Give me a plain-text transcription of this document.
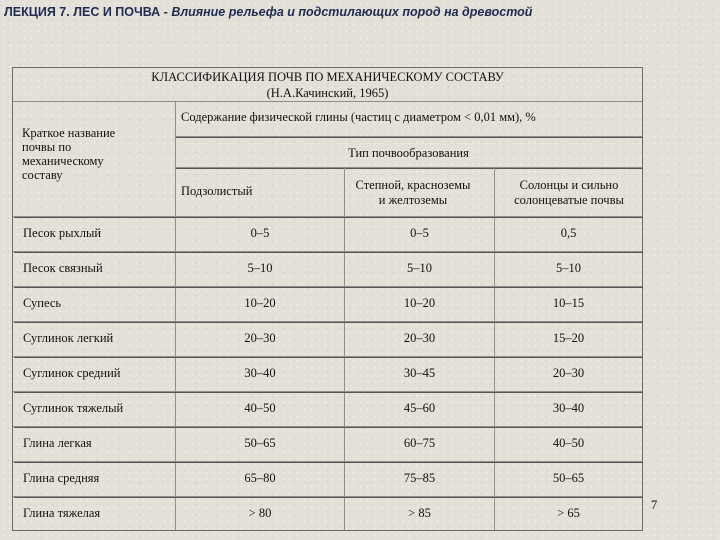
ЛЕКЦИЯ 7. ЛЕС И ПОЧВА - Влияние рельефа и подстилающих пород на древостой
КЛАССИФИКАЦИЯ ПОЧВ ПО МЕХАНИЧЕСКОМУ СОСТАВУ
(Н.А.Качинский, 1965)
Краткое название
почвы по
механическому
составу
Содержание физической глины (частиц с диаметром < 0,01 мм), %
Тип почвообразования
Подзолистый	Степной, красноземы
и желтоземы
Солонцы и сильно
солонцеватые почвы
Песок рыхлый	0–5	0–5	0,5
Песок связный	5–10	5–10	5–10
Супесь	10–20	10–20	10–15
Суглинок легкий	20–30	20–30	15–20
Суглинок средний	30–40	30–45	20–30
Суглинок тяжелый	40–50	45–60	30–40
Глина легкая	50–65	60–75	40–50
Глина средняя	65–80	75–85	50–65
Глина тяжелая	> 80	> 85	> 65
7
